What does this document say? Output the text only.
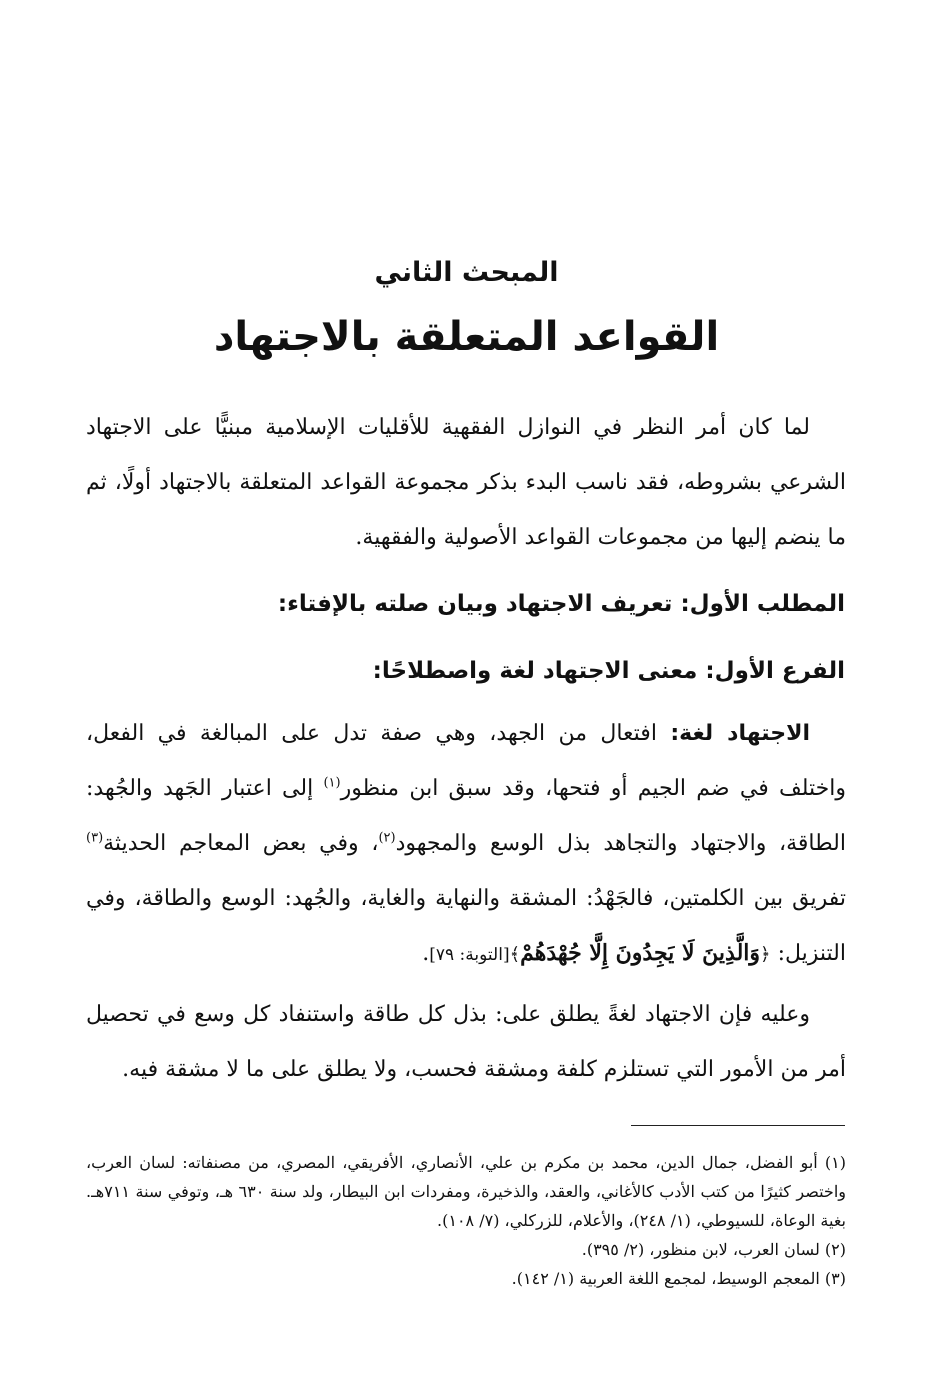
المبحث الثاني
القواعد المتعلقة بالاجتهاد

لما كان أمر النظر في النوازل الفقهية للأقليات الإسلامية مبنيًّا على الاجتهاد الشرعي بشروطه، فقد ناسب البدء بذكر مجموعة القواعد المتعلقة بالاجتهاد أولًا، ثم ما ينضم إليها من مجموعات القواعد الأصولية والفقهية.

المطلب الأول: تعريف الاجتهاد وبيان صلته بالإفتاء:
الفرع الأول: معنى الاجتهاد لغة واصطلاحًا:

الاجتهاد لغة: افتعال من الجهد، وهي صفة تدل على المبالغة في الفعل، واختلف في ضم الجيم أو فتحها، وقد سبق ابن منظور$^{(١)}$ إلى اعتبار الجَهد والجُهد: الطاقة، والاجتهاد والتجاهد بذل الوسع والمجهود$^{(٢)}$، وفي بعض المعاجم الحديثة$^{(٣)}$ تفريق بين الكلمتين، فالجَهْدُ: المشقة والنهاية والغاية، والجُهد: الوسع والطاقة، وفي التنزيل: ﴿وَالَّذِينَ لَا يَجِدُونَ إِلَّا جُهْدَهُمْ﴾[التوبة: ٧٩].

وعليه فإن الاجتهاد لغةً يطلق على: بذل كل طاقة واستنفاد كل وسع في تحصيل أمر من الأمور التي تستلزم كلفة ومشقة فحسب، ولا يطلق على ما لا مشقة فيه.

(١) أبو الفضل، جمال الدين، محمد بن مكرم بن علي، الأنصاري، الأفريقي، المصري، من مصنفاته: لسان العرب، واختصر كثيرًا من كتب الأدب كالأغاني، والعقد، والذخيرة، ومفردات ابن البيطار، ولد سنة ٦٣٠ هـ، وتوفي سنة ٧١١هـ. بغية الوعاة، للسيوطي، (١/ ٢٤٨)، والأعلام، للزركلي، (٧/ ١٠٨).

(٢) لسان العرب، لابن منظور، (٢/ ٣٩٥).

(٣) المعجم الوسيط، لمجمع اللغة العربية (١/ ١٤٢).
